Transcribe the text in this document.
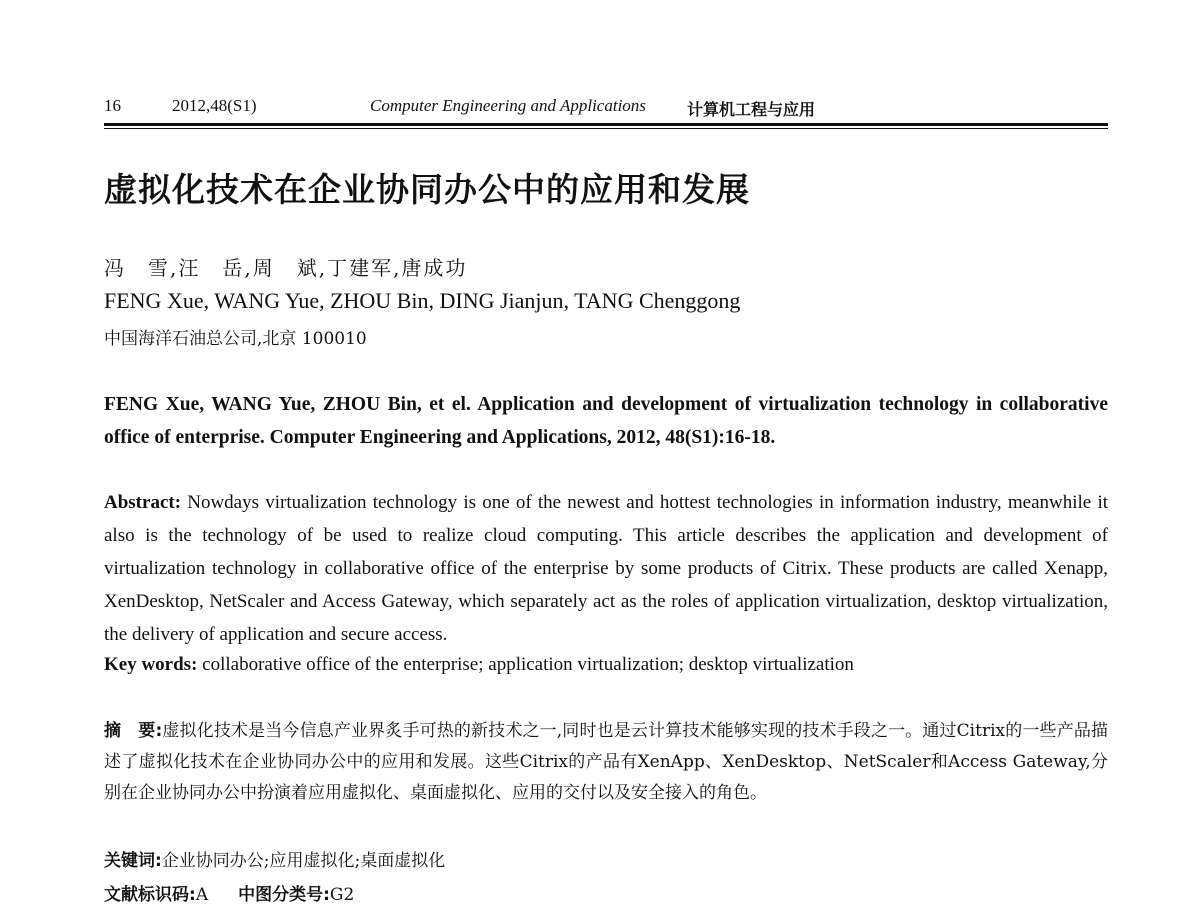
16	2012,48(S1)	Computer Engineering and Applications	计算机工程与应用
虚拟化技术在企业协同办公中的应用和发展
冯　雪,汪　岳,周　斌,丁建军,唐成功
FENG Xue, WANG Yue, ZHOU Bin, DING Jianjun, TANG Chenggong
中国海洋石油总公司,北京 100010
FENG Xue, WANG Yue, ZHOU Bin, et el. Application and development of virtualization technology in collaborative office of enterprise. Computer Engineering and Applications, 2012, 48(S1):16-18.
Abstract: Nowdays virtualization technology is one of the newest and hottest technologies in information industry, meanwhile it also is the technology of be used to realize cloud computing. This article describes the application and development of virtualization technology in collaborative office of the enterprise by some products of Citrix. These products are called Xenapp, XenDesktop, NetScaler and Access Gateway, which separately act as the roles of application virtualization, desktop virtualization, the delivery of application and secure access.
Key words: collaborative office of the enterprise; application virtualization; desktop virtualization
摘　要:虚拟化技术是当今信息产业界炙手可热的新技术之一,同时也是云计算技术能够实现的技术手段之一。通过Citrix的一些产品描述了虚拟化技术在企业协同办公中的应用和发展。这些Citrix的产品有XenApp、XenDesktop、NetScaler和Access Gateway,分别在企业协同办公中扮演着应用虚拟化、桌面虚拟化、应用的交付以及安全接入的角色。
关键词:企业协同办公;应用虚拟化;桌面虚拟化
文献标识码:A 中图分类号:G2
